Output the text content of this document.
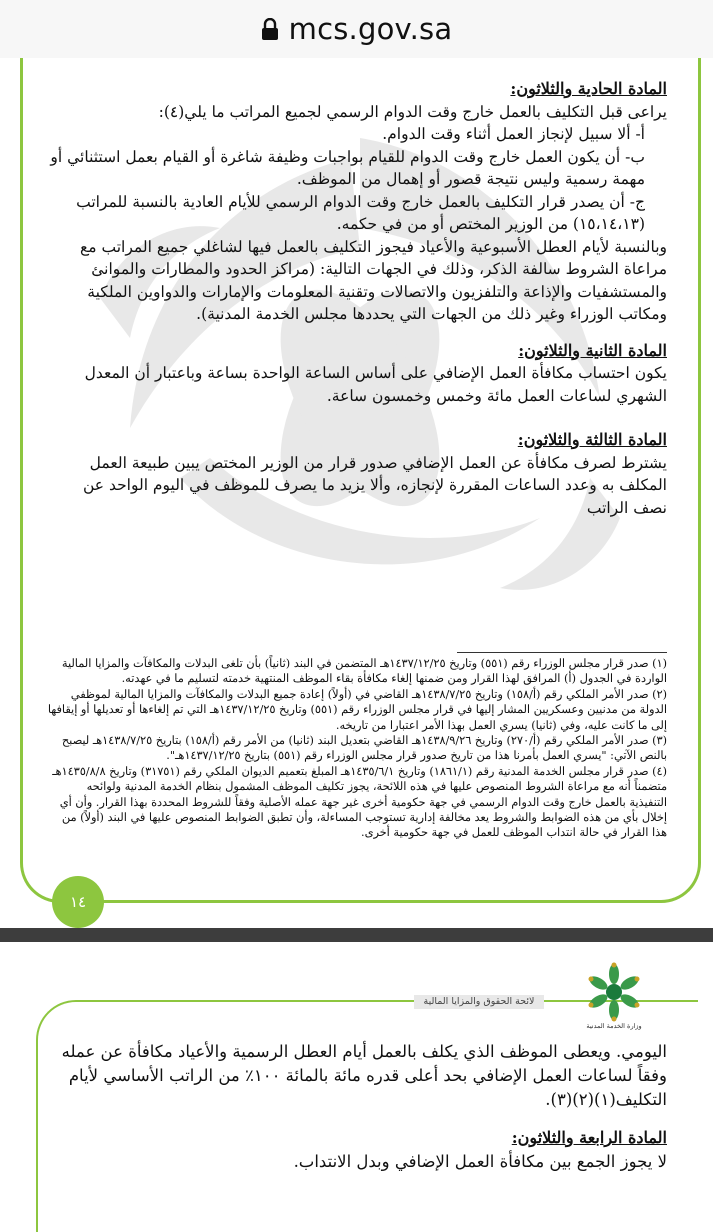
mcs.gov.sa

المادة الحادية والثلاثون:

يراعى قبل التكليف بالعمل خارج وقت الدوام الرسمي لجميع المراتب ما يلي(٤):

أ- ألا سبيل لإنجاز العمل أثناء وقت الدوام.

ب- أن يكون العمل خارج وقت الدوام للقيام بواجبات وظيفة شاغرة أو القيام بعمل استثنائي أو مهمة رسمية وليس نتيجة قصور أو إهمال من الموظف.

ج- أن يصدر قرار التكليف بالعمل خارج وقت الدوام الرسمي للأيام العادية بالنسبة للمراتب (١٥،١٤،١٣) من الوزير المختص أو من في حكمه.

وبالنسبة لأيام العطل الأسبوعية والأعياد فيجوز التكليف بالعمل فيها لشاغلي جميع المراتب مع مراعاة الشروط سالفة الذكر، وذلك في الجهات التالية: (مراكز الحدود والمطارات والموانئ والمستشفيات والإذاعة والتلفزيون والاتصالات وتقنية المعلومات والإمارات والدواوين الملكية ومكاتب الوزراء وغير ذلك من الجهات التي يحددها مجلس الخدمة المدنية).

المادة الثانية والثلاثون:

يكون احتساب مكافأة العمل الإضافي على أساس الساعة الواحدة بساعة وباعتبار أن المعدل الشهري لساعات العمل مائة وخمس وخمسون ساعة.

المادة الثالثة والثلاثون:

يشترط لصرف مكافأة عن العمل الإضافي صدور قرار من الوزير المختص يبين طبيعة العمل المكلف به وعدد الساعات المقررة لإنجازه، وألا يزيد ما يصرف للموظف في اليوم الواحد عن نصف الراتب

(١) صدر قرار مجلس الوزراء رقم (٥٥١) وتاريخ ١٤٣٧/١٢/٢٥هـ المتضمن في البند (ثانياً) بأن تلغى البدلات والمكافآت والمزايا المالية الواردة في الجدول (أ) المرافق لهذا القرار ومن ضمنها إلغاء مكافأة بقاء الموظف المنتهية خدمته لتسليم ما في عهدته.

(٢) صدر الأمر الملكي رقم (أ/١٥٨) وتاريخ ١٤٣٨/٧/٢٥هـ القاضي في (أولاً) إعادة جميع البدلات والمكافآت والمزايا المالية لموظفي الدولة من مدنيين وعسكريين المشار إليها في قرار مجلس الوزراء رقم (٥٥١) وتاريخ ١٤٣٧/١٢/٢٥هـ التي تم إلغاءها أو تعديلها أو إيقافها إلى ما كانت عليه، وفي (ثانيا) يسري العمل بهذا الأمر اعتبارا من تاريخه.

(٣) صدر الأمر الملكي رقم (أ/٢٧٠) وتاريخ ١٤٣٨/٩/٢٦هـ القاضي بتعديل البند (ثانيا) من الأمر رقم (أ/١٥٨) بتاريخ ١٤٣٨/٧/٢٥هـ ليصبح بالنص الآتي: "يسري العمل بأمرنا هذا من تاريخ صدور قرار مجلس الوزراء رقم (٥٥١) بتاريخ ١٤٣٧/١٢/٢٥هـ".

(٤) صدر قرار مجلس الخدمة المدنية رقم (١٨٦١/١) وتاريخ ١٤٣٥/٦/١هـ المبلغ بتعميم الديوان الملكي رقم (٣١٧٥١) وتاريخ ١٤٣٥/٨/٨هـ متضمناً أنه مع مراعاة الشروط المنصوص عليها في هذه اللائحة، يجوز تكليف الموظف المشمول بنظام الخدمة المدنية ولوائحه التنفيذية بالعمل خارج وقت الدوام الرسمي في جهة حكومية أخرى غير جهة عمله الأصلية وفقاً للشروط المحددة بهذا القرار. وأن أي إخلال بأي من هذه الضوابط والشروط يعد مخالفة إدارية تستوجب المساءلة، وأن تطبق الضوابط المنصوص عليها في البند (أولاً) من هذا القرار في حالة انتداب الموظف للعمل في جهة حكومية أخرى.

١٤
وزارة الخدمة المدنية
لائحة الحقوق والمزايا المالية

اليومي. ويعطى الموظف الذي يكلف بالعمل أيام العطل الرسمية والأعياد مكافأة عن عمله وفقاً لساعات العمل الإضافي بحد أعلى قدره مائة بالمائة ١٠٠٪ من الراتب الأساسي لأيام التكليف(١)(٢)(٣).

المادة الرابعة والثلاثون:

لا يجوز الجمع بين مكافأة العمل الإضافي وبدل الانتداب.
